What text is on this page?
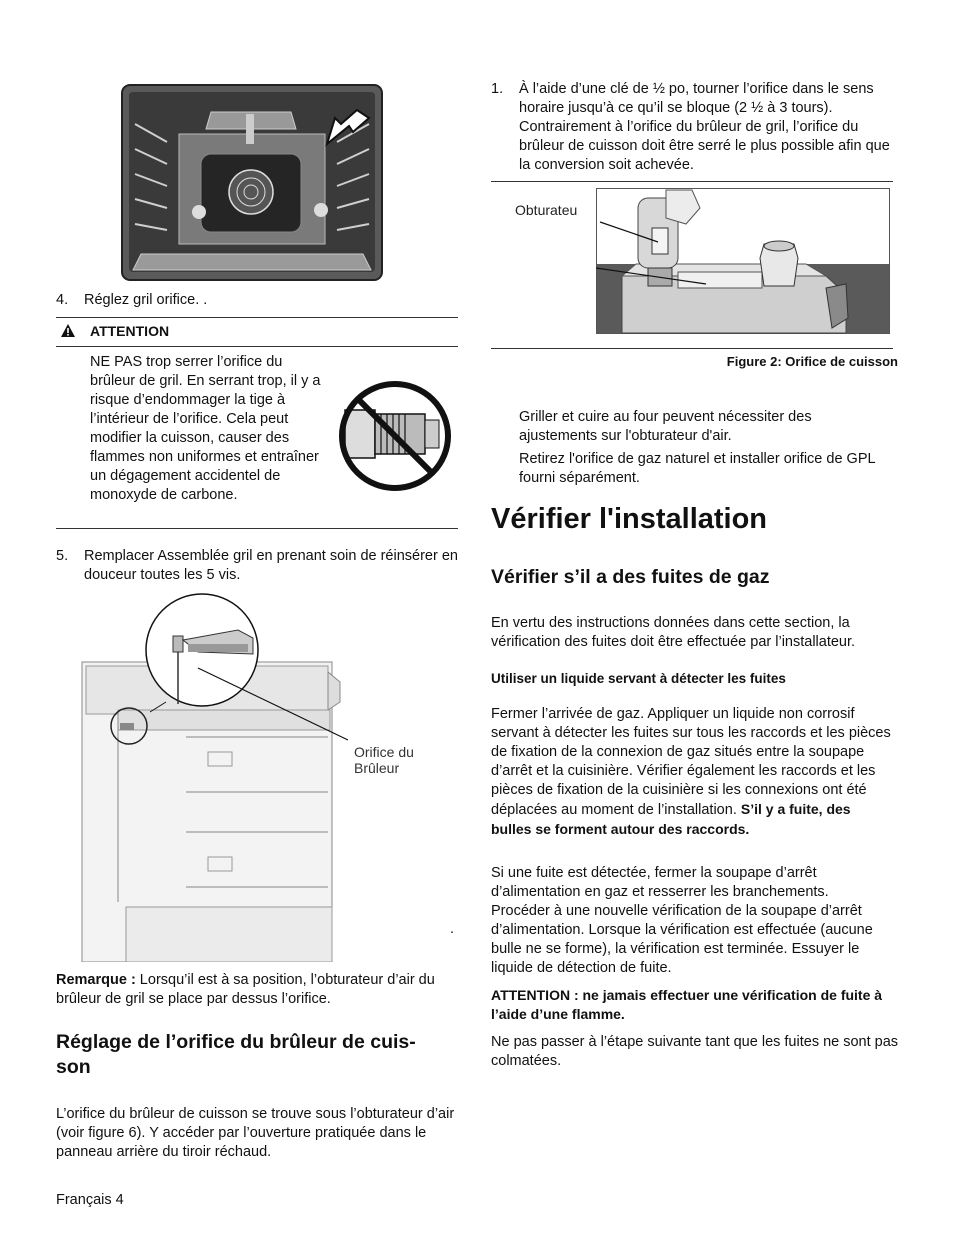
4. Réglez gril orifice. .
ATTENTION
NE PAS trop serrer l’orifice du brûleur de gril. En serrant trop, il y a risque d’endommager la tige à l’intérieur de l’orifice. Cela peut modifier la cuisson, causer des flammes non uniformes et entraîner un dégagement accidentel de monoxyde de carbone.
5. Remplacer Assemblée gril en prenant soin de réinsérer en douceur toutes les 5 vis.
Orifice du
Brûleur
.
Remarque : Lorsqu’il est à sa position, l’obturateur d’air du brûleur de gril se place par dessus l’orifice.
Réglage de l’orifice du brûleur de cuis-
son
L’orifice du brûleur de cuisson se trouve sous l’obturateur d’air (voir figure 6). Y accéder par l’ouverture pratiquée dans le panneau arrière du tiroir réchaud.
Français 4
1. À l’aide d’une clé de ½ po, tourner l’orifice dans le sens horaire jusqu’à ce qu’il se bloque (2 ½ à 3 tours). Contrairement à l’orifice du brûleur de gril, l’orifice du brûleur de cuisson doit être serré le plus possible afin que la conversion soit achevée.
Obturateu
Figure 2: Orifice de cuisson
Griller et cuire au four peuvent nécessiter des ajustements sur l'obturateur d'air.
Retirez l'orifice de gaz naturel et installer orifice de GPL fourni séparément.
Vérifier l'installation
Vérifier s’il a des fuites de gaz
En vertu des instructions données dans cette section, la vérification des fuites doit être effectuée par l’installateur.
Utiliser un liquide servant à détecter les fuites
Fermer l’arrivée de gaz. Appliquer un liquide non corrosif servant à détecter les fuites sur tous les raccords et les pièces de fixation de la connexion de gaz situés entre la soupape d’arrêt et la cuisinière. Vérifier également les raccords et les pièces de fixation de la cuisinière si les connexions ont été déplacées au moment de l’installation. S’il y a fuite, des bulles se forment autour des raccords.
Si une fuite est détectée, fermer la soupape d’arrêt d’alimentation en gaz et resserrer les branchements. Procéder à une nouvelle vérification de la soupape d’arrêt d’alimentation. Lorsque la vérification est effectuée (aucune bulle ne se forme), la vérification est terminée. Essuyer le liquide de détection de fuite.
ATTENTION : ne jamais effectuer une vérification de fuite à l’aide d’une flamme.
Ne pas passer à l’étape suivante tant que les fuites ne sont pas colmatées.
